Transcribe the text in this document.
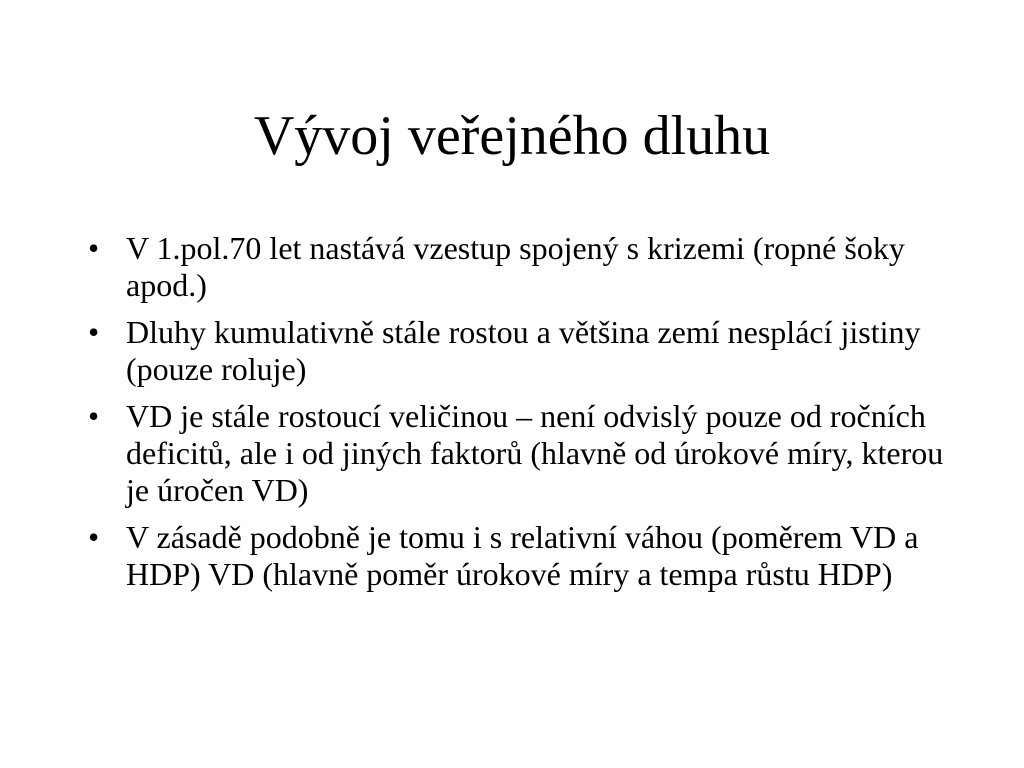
Vývoj veřejného dluhu
• V 1.pol.70 let nastává vzestup spojený s krizemi (ropné šoky apod.)
• Dluhy kumulativně stále rostou a většina zemí nesplácí jistiny (pouze roluje)
• VD je stále rostoucí veličinou – není odvislý pouze od ročních deficitů, ale i od jiných faktorů (hlavně od úrokové míry, kterou je úročen VD)
• V zásadě podobně je tomu i s relativní váhou (poměrem VD a HDP) VD (hlavně poměr úrokové míry a tempa růstu HDP)
